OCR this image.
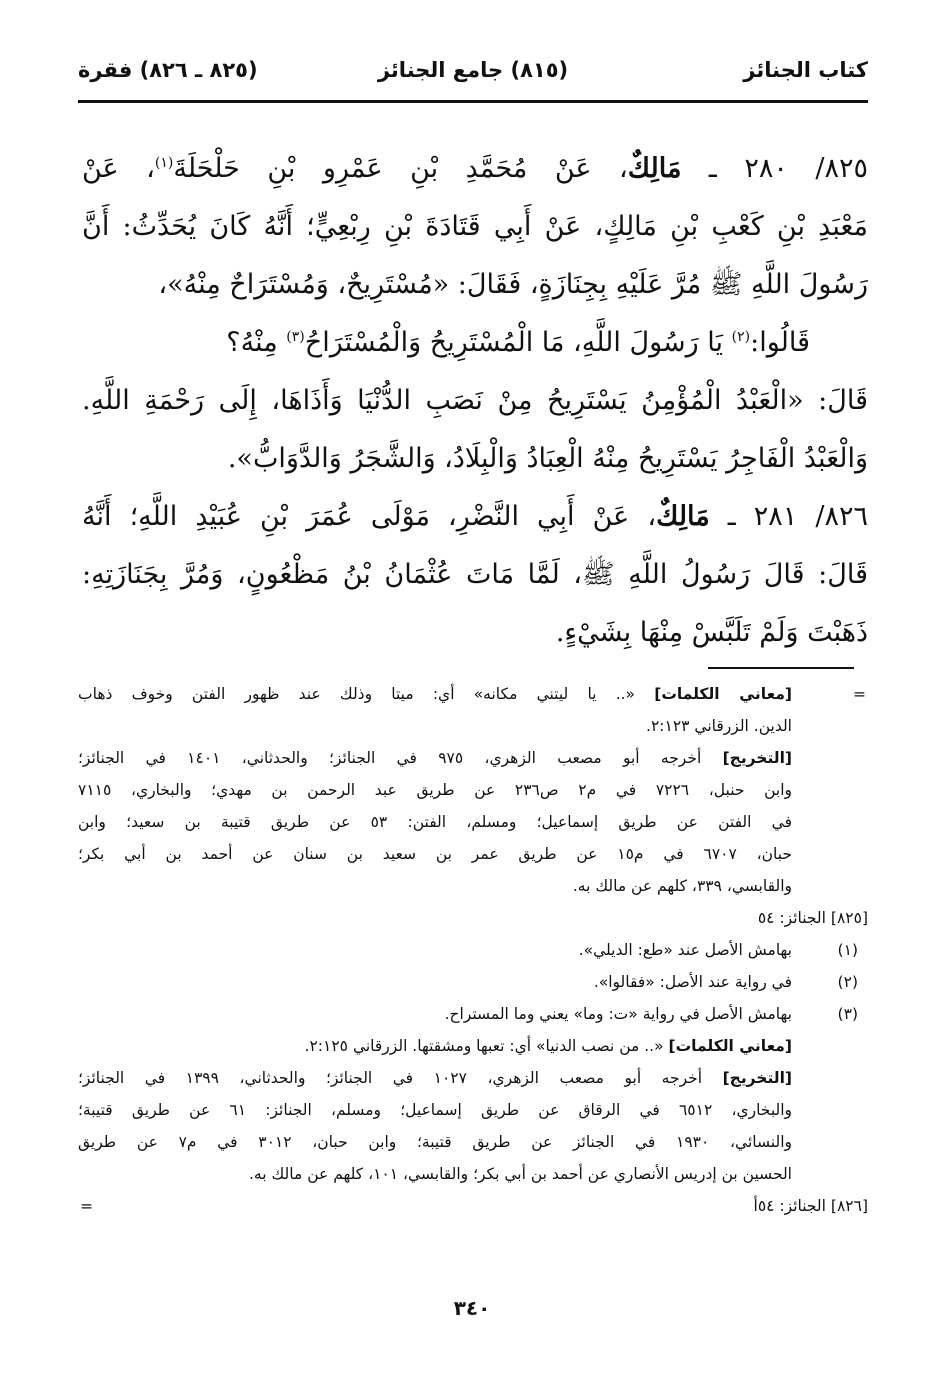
كتاب الجنائز
(٨١٥) جامع الجنائز
(٨٢٥ ـ ٨٢٦) فقرة
٨٢٥/ ٢٨٠ ـ مَالِكٌ، عَنْ مُحَمَّدِ بْنِ عَمْرِو بْنِ حَلْحَلَةَ$^{(١)}$، عَنْ
مَعْبَدِ بْنِ كَعْبِ بْنِ مَالِكٍ، عَنْ أَبِي قَتَادَةَ بْنِ رِبْعِيٍّ؛ أَنَّهُ كَانَ يُحَدِّثُ: أَنَّ
رَسُولَ اللَّهِ ﷺ مُرَّ عَلَيْهِ بِجِنَازَةٍ، فَقَالَ: «مُسْتَرِيحٌ، وَمُسْتَرَاحٌ مِنْهُ»،
قَالُوا:$^{(٢)}$ يَا رَسُولَ اللَّهِ، مَا الْمُسْتَرِيحُ وَالْمُسْتَرَاحُ$^{(٣)}$ مِنْهُ؟
قَالَ: «الْعَبْدُ الْمُؤْمِنُ يَسْتَرِيحُ مِنْ نَصَبِ الدُّنْيَا وَأَذَاهَا، إِلَى رَحْمَةِ اللَّهِ.
وَالْعَبْدُ الْفَاجِرُ يَسْتَرِيحُ مِنْهُ الْعِبَادُ وَالْبِلَادُ، وَالشَّجَرُ وَالدَّوَابُّ».
٨٢٦/ ٢٨١ ـ مَالِكٌ، عَنْ أَبِي النَّضْرِ، مَوْلَى عُمَرَ بْنِ عُبَيْدِ اللَّهِ؛ أَنَّهُ
قَالَ: قَالَ رَسُولُ اللَّهِ ﷺ، لَمَّا مَاتَ عُثْمَانُ بْنُ مَظْعُونٍ، وَمُرَّ بِجَنَازَتِهِ:
ذَهَبْتَ وَلَمْ تَلَبَّسْ مِنْهَا بِشَيْءٍ.
=
[معاني الكلمات] «.. يا ليتني مكانه» أي: ميتا وذلك عند ظهور الفتن وخوف ذهاب
الدين. الزرقاني ٢:١٢٣.
[التخريج] أخرجه أبو مصعب الزهري، ٩٧٥ في الجنائز؛ والحدثاني، ١٤٠١ في الجنائز؛
وابن حنبل، ٧٢٢٦ في م٢ ص٢٣٦ عن طريق عبد الرحمن بن مهدي؛ والبخاري، ٧١١٥
في الفتن عن طريق إسماعيل؛ ومسلم، الفتن: ٥٣ عن طريق قتيبة بن سعيد؛ وابن
حبان، ٦٧٠٧ في م١٥ عن طريق عمر بن سعيد بن سنان عن أحمد بن أبي بكر؛
والقابسي، ٣٣٩، كلهم عن مالك به.
[٨٢٥] الجنائز: ٥٤
(١)
بهامش الأصل عند «طع: الديلي».
(٢)
في رواية عند الأصل: «فقالوا».
(٣)
بهامش الأصل في رواية «ت: وما» يعني وما المستراح.
[معاني الكلمات] «.. من نصب الدنيا» أي: تعبها ومشقتها. الزرقاني ٢:١٢٥.
[التخريج] أخرجه أبو مصعب الزهري، ١٠٢٧ في الجنائز؛ والحدثاني، ١٣٩٩ في الجنائز؛
والبخاري، ٦٥١٢ في الرقاق عن طريق إسماعيل؛ ومسلم، الجنائز: ٦١ عن طريق قتيبة؛
والنسائي، ١٩٣٠ في الجنائز عن طريق قتيبة؛ وابن حبان، ٣٠١٢ في م٧ عن طريق
الحسين بن إدريس الأنصاري عن أحمد بن أبي بكر؛ والقابسي، ١٠١، كلهم عن مالك به.
[٨٢٦] الجنائز: ٥٤أ
=
٣٤٠
